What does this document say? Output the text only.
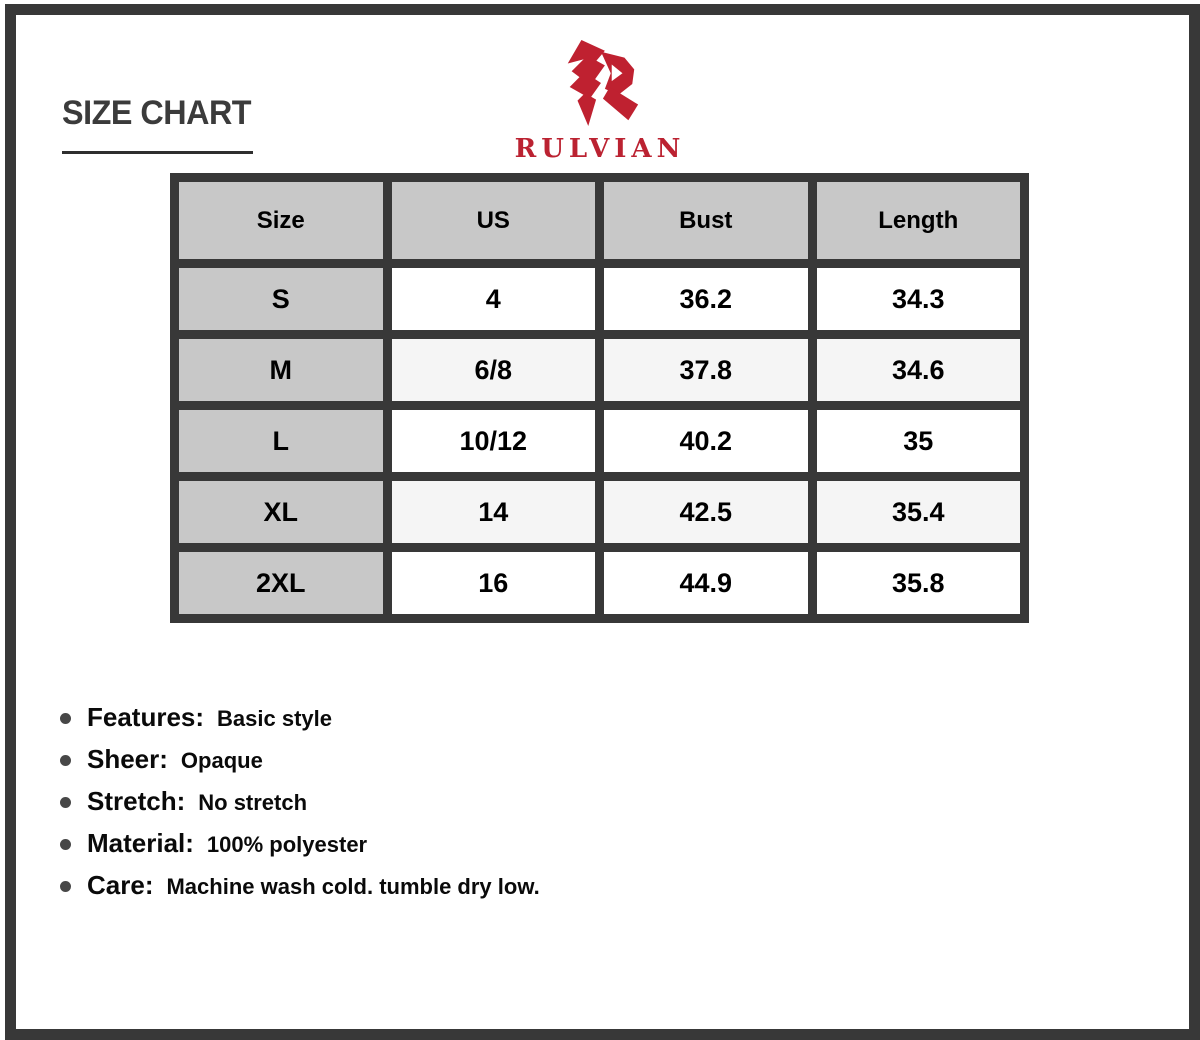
SIZE CHART
RULVIAN
Size	US	Bust	Length
S	4	36.2	34.3
M	6/8	37.8	34.6
L	10/12	40.2	35
XL	14	42.5	35.4
2XL	16	44.9	35.8
Features: Basic style
Sheer: Opaque
Stretch: No stretch
Material: 100% polyester
Care: Machine wash cold. tumble dry low.
